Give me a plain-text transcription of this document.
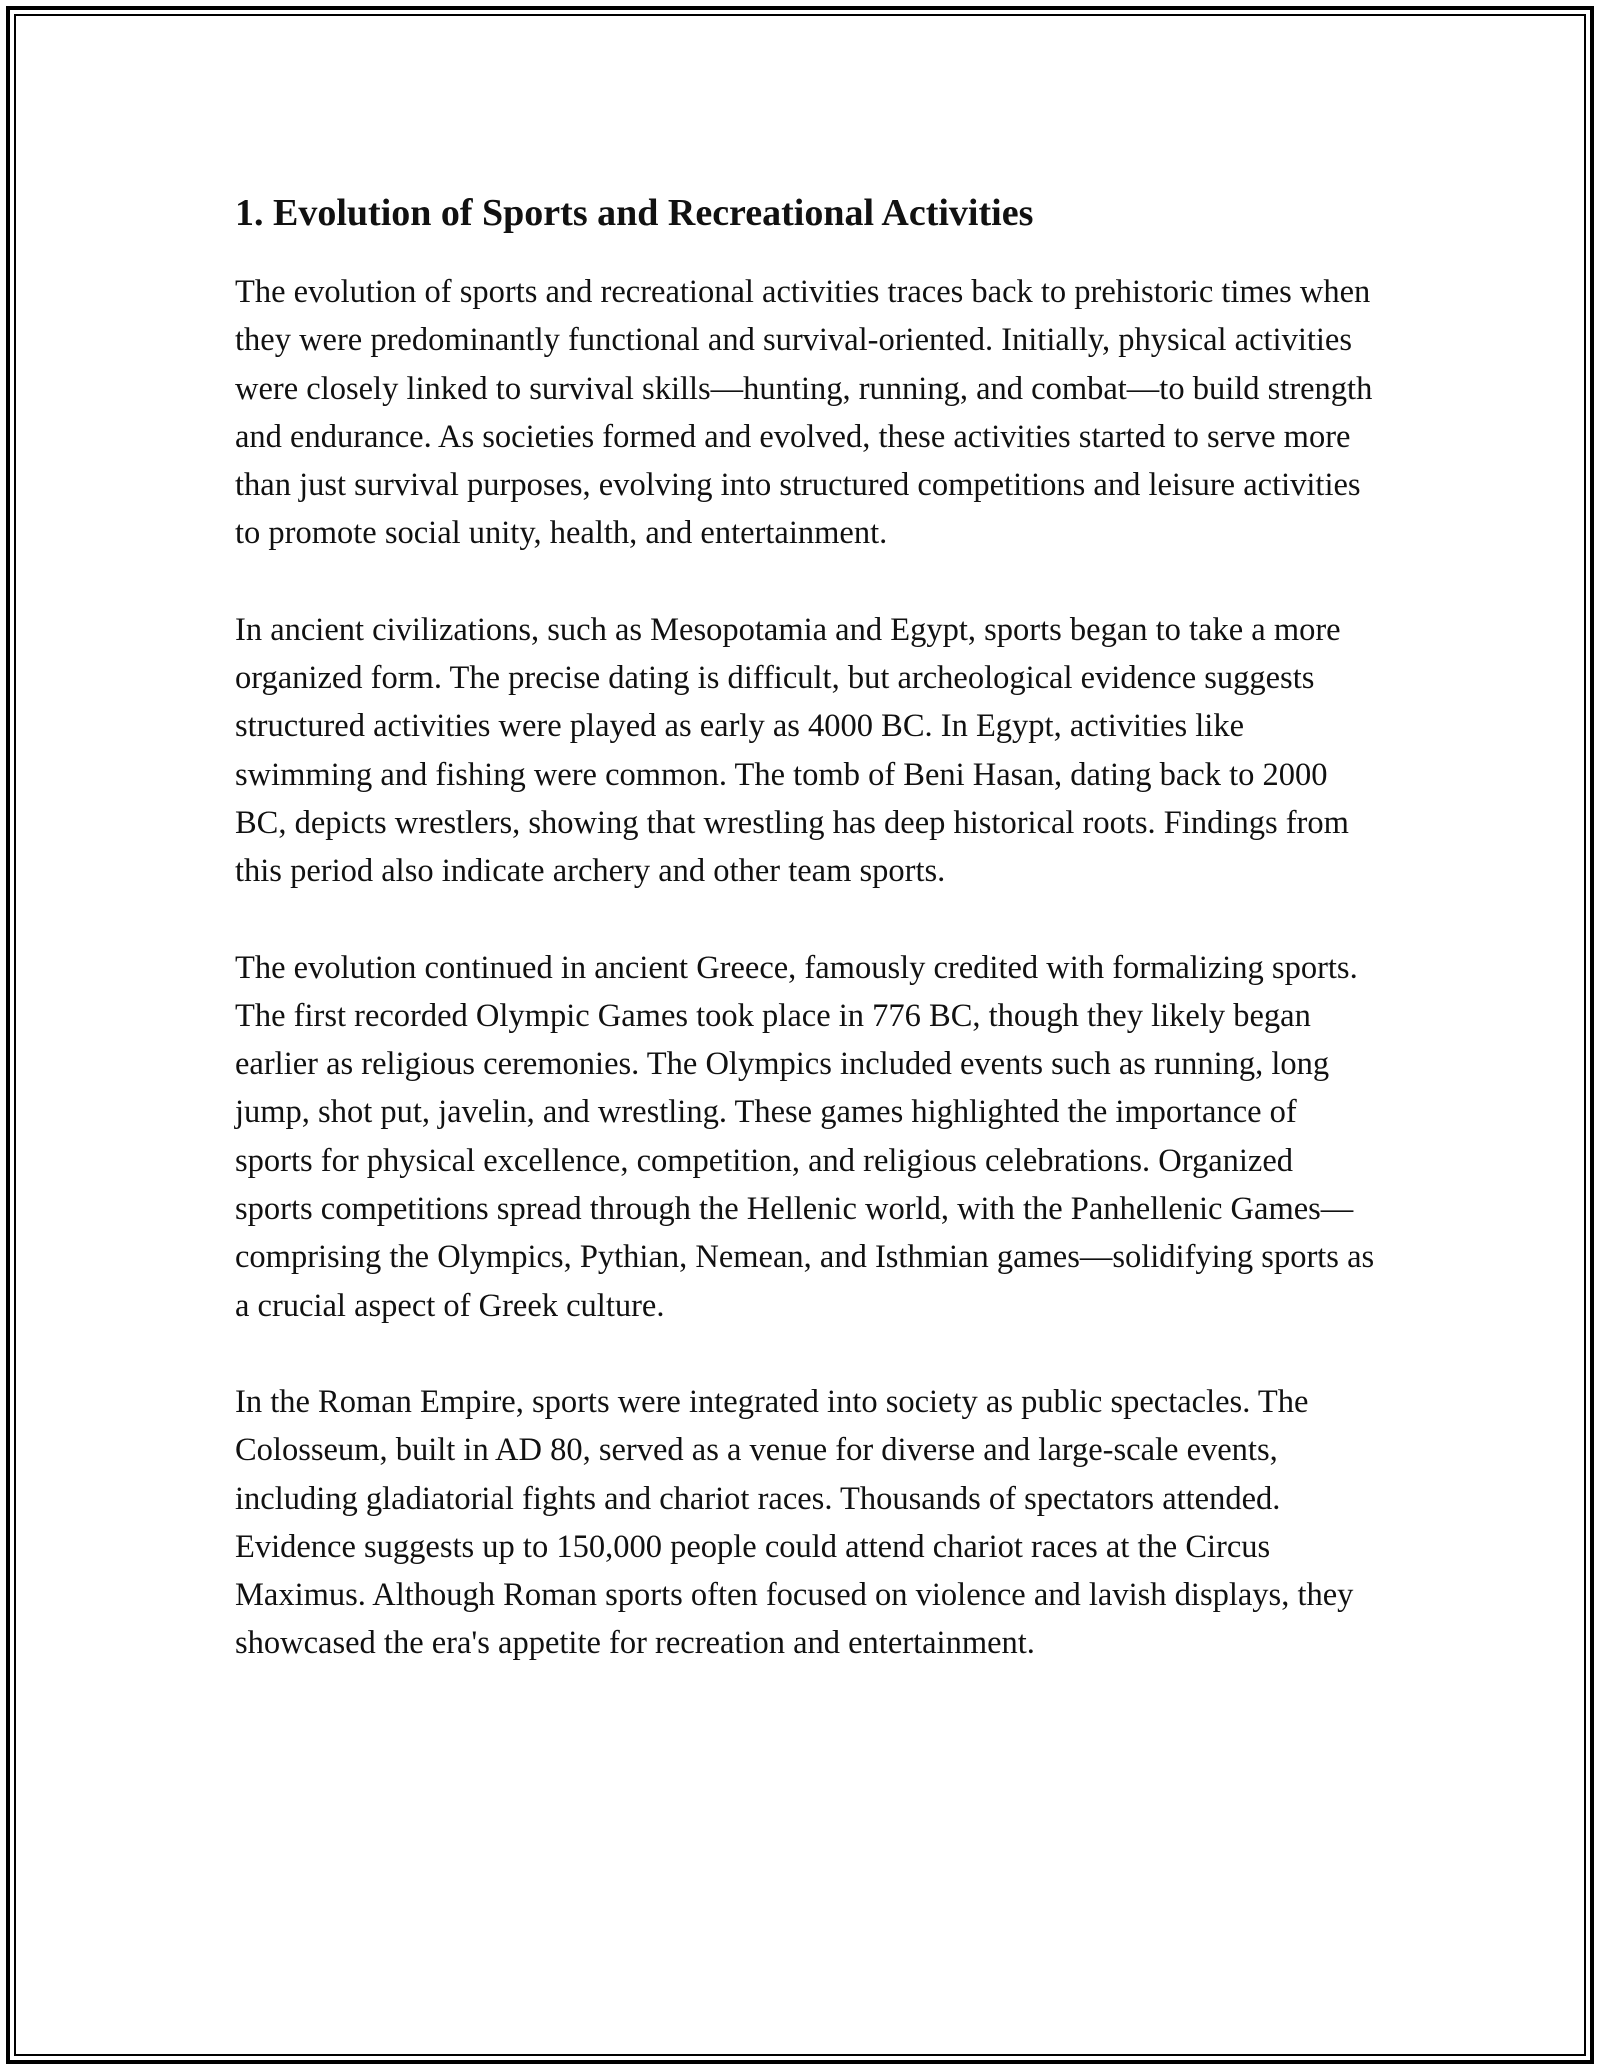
1. Evolution of Sports and Recreational Activities

The evolution of sports and recreational activities traces back to prehistoric times when they were predominantly functional and survival-oriented. Initially, physical activities were closely linked to survival skills—hunting, running, and combat—to build strength and endurance. As societies formed and evolved, these activities started to serve more than just survival purposes, evolving into structured competitions and leisure activities to promote social unity, health, and entertainment.

In ancient civilizations, such as Mesopotamia and Egypt, sports began to take a more organized form. The precise dating is difficult, but archeological evidence suggests structured activities were played as early as 4000 BC. In Egypt, activities like swimming and fishing were common. The tomb of Beni Hasan, dating back to 2000 BC, depicts wrestlers, showing that wrestling has deep historical roots. Findings from this period also indicate archery and other team sports.

The evolution continued in ancient Greece, famously credited with formalizing sports. The first recorded Olympic Games took place in 776 BC, though they likely began earlier as religious ceremonies. The Olympics included events such as running, long jump, shot put, javelin, and wrestling. These games highlighted the importance of sports for physical excellence, competition, and religious celebrations. Organized sports competitions spread through the Hellenic world, with the Panhellenic Games—comprising the Olympics, Pythian, Nemean, and Isthmian games—solidifying sports as a crucial aspect of Greek culture.

In the Roman Empire, sports were integrated into society as public spectacles. The Colosseum, built in AD 80, served as a venue for diverse and large-scale events, including gladiatorial fights and chariot races. Thousands of spectators attended. Evidence suggests up to 150,000 people could attend chariot races at the Circus Maximus. Although Roman sports often focused on violence and lavish displays, they showcased the era's appetite for recreation and entertainment.
